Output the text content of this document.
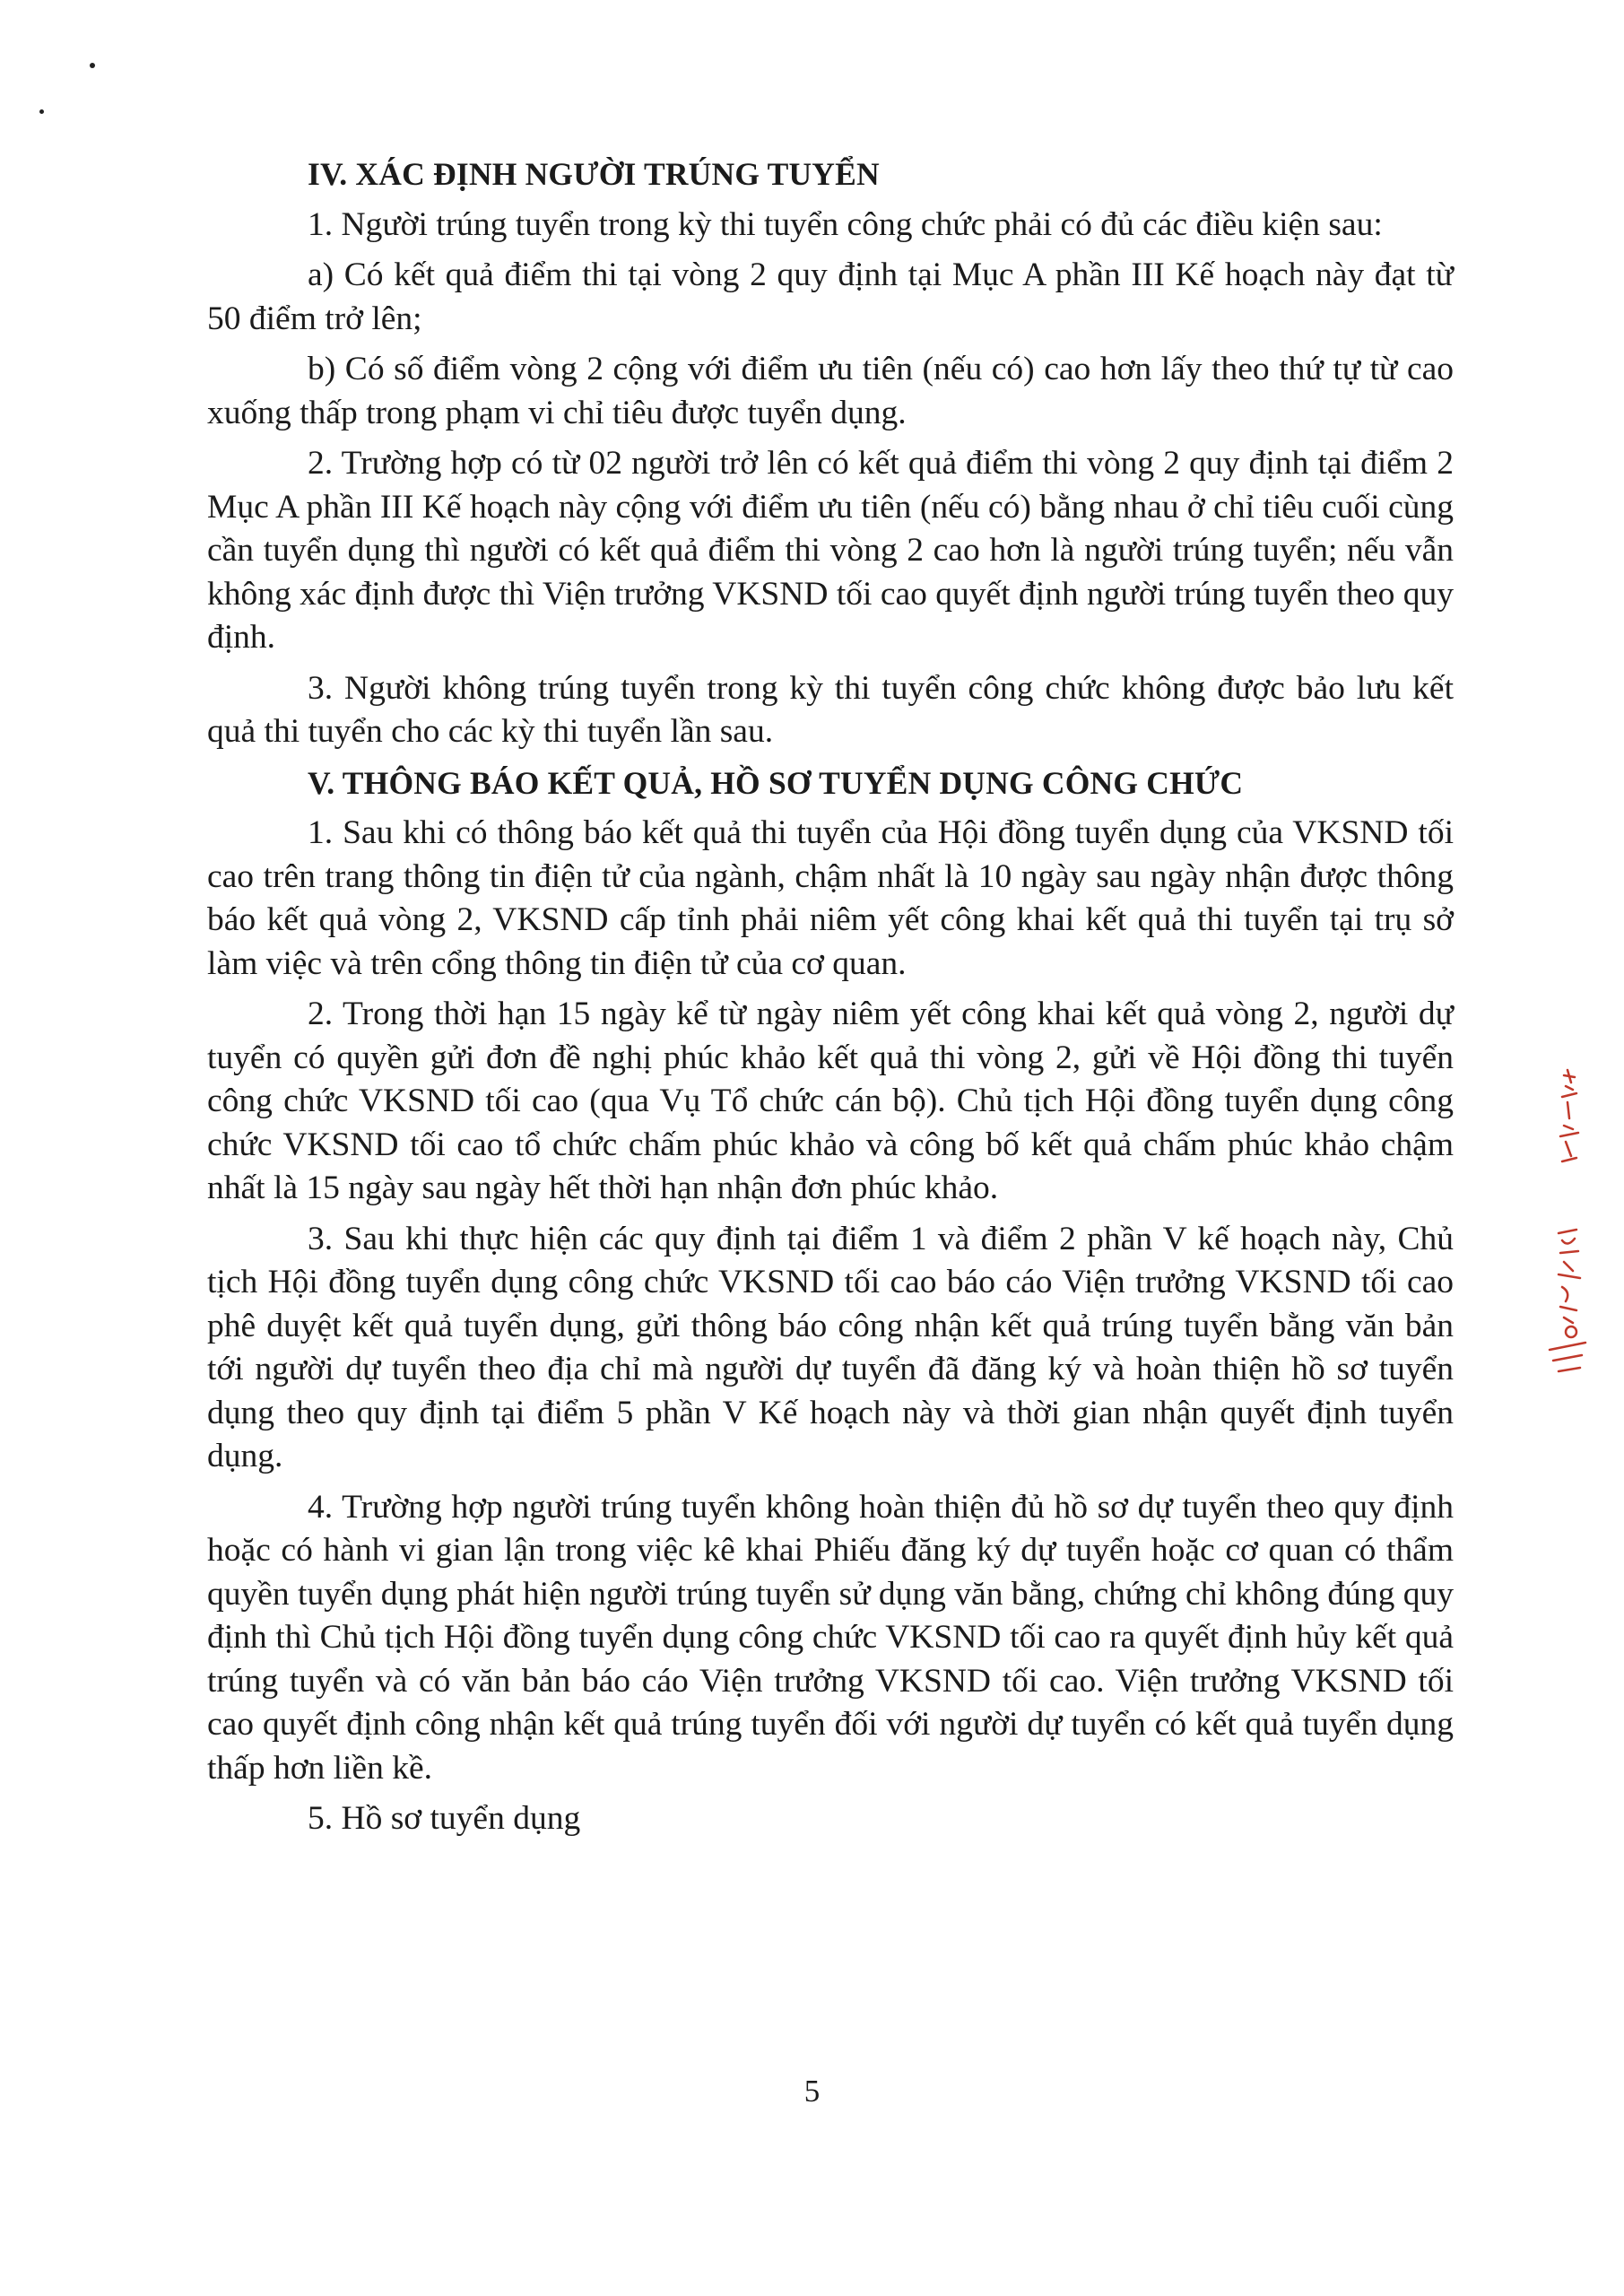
IV. XÁC ĐỊNH NGƯỜI TRÚNG TUYỂN

1. Người trúng tuyển trong kỳ thi tuyển công chức phải có đủ các điều kiện sau:

a) Có kết quả điểm thi tại vòng 2 quy định tại Mục A phần III Kế hoạch này đạt từ 50 điểm trở lên;

b) Có số điểm vòng 2 cộng với điểm ưu tiên (nếu có) cao hơn lấy theo thứ tự từ cao xuống thấp trong phạm vi chỉ tiêu được tuyển dụng.

2. Trường hợp có từ 02 người trở lên có kết quả điểm thi vòng 2 quy định tại điểm 2 Mục A phần III Kế hoạch này cộng với điểm ưu tiên (nếu có) bằng nhau ở chỉ tiêu cuối cùng cần tuyển dụng thì người có kết quả điểm thi vòng 2 cao hơn là người trúng tuyển; nếu vẫn không xác định được thì Viện trưởng VKSND tối cao quyết định người trúng tuyển theo quy định.

3. Người không trúng tuyển trong kỳ thi tuyển công chức không được bảo lưu kết quả thi tuyển cho các kỳ thi tuyển lần sau.

V. THÔNG BÁO KẾT QUẢ, HỒ SƠ TUYỂN DỤNG CÔNG CHỨC

1. Sau khi có thông báo kết quả thi tuyển của Hội đồng tuyển dụng của VKSND tối cao trên trang thông tin điện tử của ngành, chậm nhất là 10 ngày sau ngày nhận được thông báo kết quả vòng 2, VKSND cấp tỉnh phải niêm yết công khai kết quả thi tuyển tại trụ sở làm việc và trên cổng thông tin điện tử của cơ quan.

2. Trong thời hạn 15 ngày kể từ ngày niêm yết công khai kết quả vòng 2, người dự tuyển có quyền gửi đơn đề nghị phúc khảo kết quả thi vòng 2, gửi về Hội đồng thi tuyển công chức VKSND tối cao (qua Vụ Tổ chức cán bộ). Chủ tịch Hội đồng tuyển dụng công chức VKSND tối cao tổ chức chấm phúc khảo và công bố kết quả chấm phúc khảo chậm nhất là 15 ngày sau ngày hết thời hạn nhận đơn phúc khảo.

3. Sau khi thực hiện các quy định tại điểm 1 và điểm 2 phần V kế hoạch này, Chủ tịch Hội đồng tuyển dụng công chức VKSND tối cao báo cáo Viện trưởng VKSND tối cao phê duyệt kết quả tuyển dụng, gửi thông báo công nhận kết quả trúng tuyển bằng văn bản tới người dự tuyển theo địa chỉ mà người dự tuyển đã đăng ký và hoàn thiện hồ sơ tuyển dụng theo quy định tại điểm 5 phần V Kế hoạch này và thời gian nhận quyết định tuyển dụng.

4. Trường hợp người trúng tuyển không hoàn thiện đủ hồ sơ dự tuyển theo quy định hoặc có hành vi gian lận trong việc kê khai Phiếu đăng ký dự tuyển hoặc cơ quan có thẩm quyền tuyển dụng phát hiện người trúng tuyển sử dụng văn bằng, chứng chỉ không đúng quy định thì Chủ tịch Hội đồng tuyển dụng công chức VKSND tối cao ra quyết định hủy kết quả trúng tuyển và có văn bản báo cáo Viện trưởng VKSND tối cao. Viện trưởng VKSND tối cao quyết định công nhận kết quả trúng tuyển đối với người dự tuyển có kết quả tuyển dụng thấp hơn liền kề.

5. Hồ sơ tuyển dụng

5
